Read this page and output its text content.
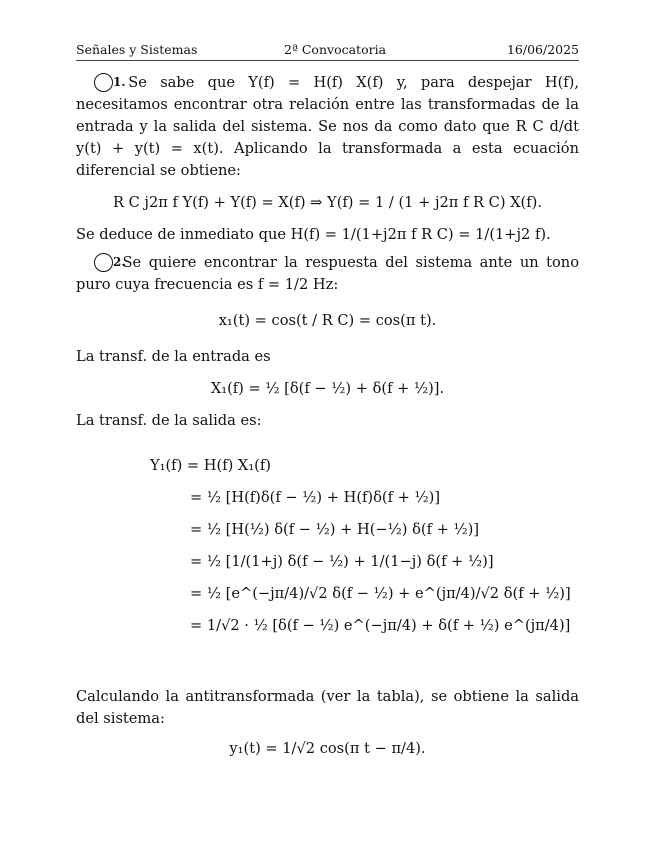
Señales y Sistemas	2ª Convocatoria	16/06/2025

1. Se sabe que Y(f) = H(f) X(f) y, para despejar H(f), necesitamos encontrar otra relación entre las transformadas de la entrada y la salida del sistema. Se nos da como dato que R C d/dt y(t) + y(t) = x(t). Aplicando la transformada a esta ecuación diferencial se obtiene:

R C j2π f Y(f) + Y(f) = X(f) ⇒ Y(f) = 1 / (1 + j2π f R C) X(f).

Se deduce de inmediato que H(f) = 1/(1+j2π f R C) = 1/(1+j2 f).

2. Se quiere encontrar la respuesta del sistema ante un tono puro cuya frecuencia es f = 1/2 Hz:

x₁(t) = cos(t / R C) = cos(π t).

La transf. de la entrada es

X₁(f) = ½ [δ(f − ½) + δ(f + ½)].

La transf. de la salida es:

Y₁(f) = H(f) X₁(f)
= ½ [H(f)δ(f − ½) + H(f)δ(f + ½)]
= ½ [H(½) δ(f − ½) + H(−½) δ(f + ½)]
= ½ [1/(1+j) δ(f − ½) + 1/(1−j) δ(f + ½)]
= ½ [e^(−jπ/4)/√2 δ(f − ½) + e^(jπ/4)/√2 δ(f + ½)]
= 1/√2 · ½ [δ(f − ½) e^(−jπ/4) + δ(f + ½) e^(jπ/4)]

Calculando la antitransformada (ver la tabla), se obtiene la salida del sistema:

y₁(t) = 1/√2 cos(π t − π/4).
